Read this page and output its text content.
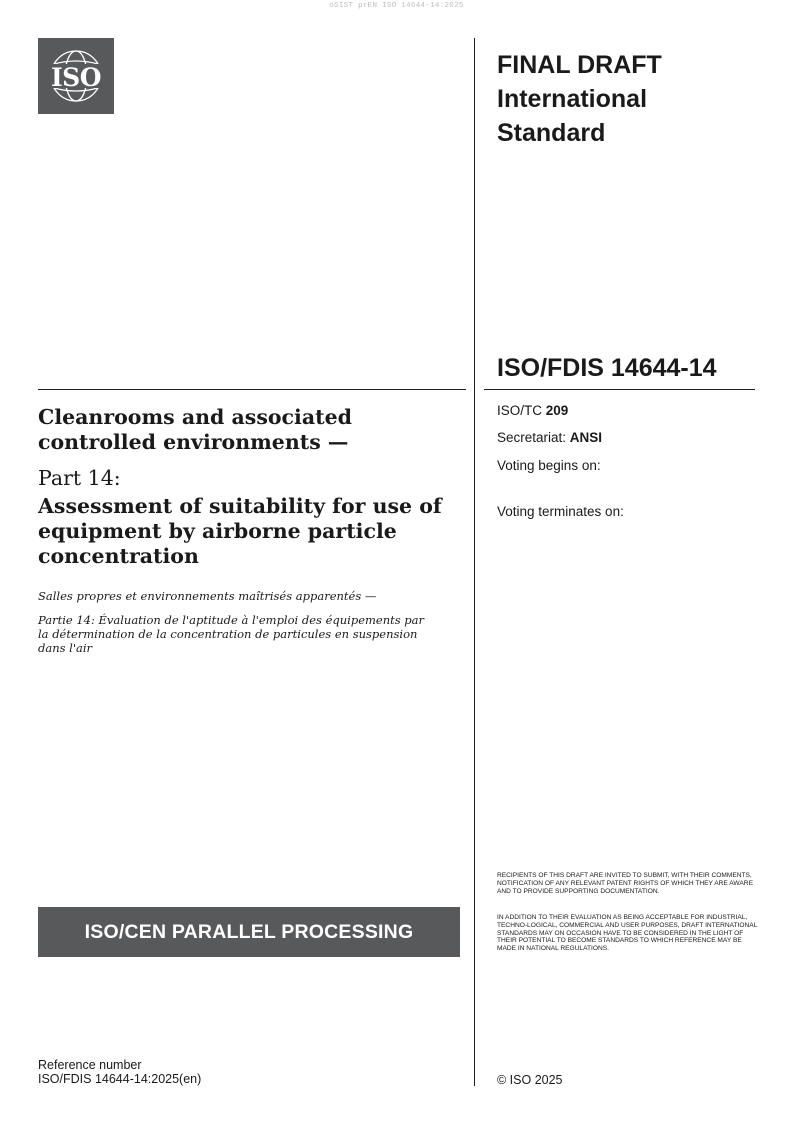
oSIST prEN ISO 14644-14:2025
ISO	FINAL DRAFT
International
Standard
ISO/FDIS 14644-14
ISO/TC 209
Secretariat: ANSI
Voting begins on:
Voting terminates on:
Cleanrooms and associated controlled environments —
Part 14:
Assessment of suitability for use of equipment by airborne particle concentration
Salles propres et environnements maîtrisés apparentés —
Partie 14: Évaluation de l'aptitude à l'emploi des équipements par la détermination de la concentration de particules en suspension dans l'air
ISO/CEN PARALLEL PROCESSING
RECIPIENTS OF THIS DRAFT ARE INVITED TO SUBMIT, WITH THEIR COMMENTS, NOTIFICATION OF ANY RELEVANT PATENT RIGHTS OF WHICH THEY ARE AWARE AND TO PROVIDE SUPPORTING DOCUMENTATION.
IN ADDITION TO THEIR EVALUATION AS BEING ACCEPTABLE FOR INDUSTRIAL, TECHNO-LOGICAL, COMMERCIAL AND USER PURPOSES, DRAFT INTERNATIONAL STANDARDS MAY ON OCCASION HAVE TO BE CONSIDERED IN THE LIGHT OF THEIR POTENTIAL TO BECOME STANDARDS TO WHICH REFERENCE MAY BE MADE IN NATIONAL REGULATIONS.
Reference number
ISO/FDIS 14644-14:2025(en)	© ISO 2025
